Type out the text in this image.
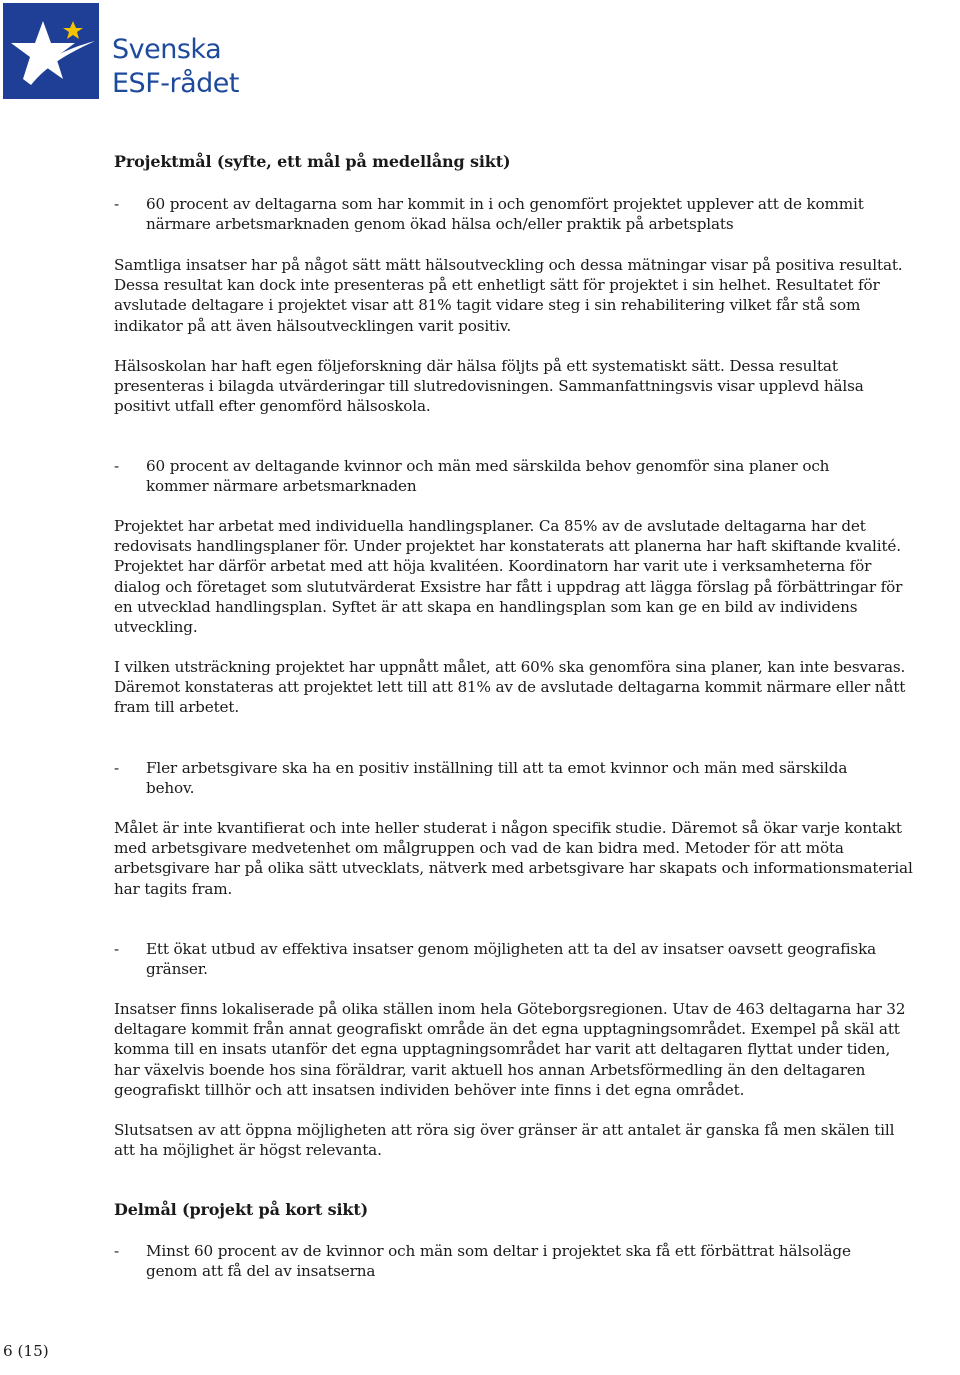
Svenska
ESF-rådet
Projektmål (syfte, ett mål på medellång sikt)
- 60 procent av deltagarna som har kommit in i och genomfört projektet upplever att de kommit närmare arbetsmarknaden genom ökad hälsa och/eller praktik på arbetsplats

Samtliga insatser har på något sätt mätt hälsoutveckling och dessa mätningar visar på positiva resultat. Dessa resultat kan dock inte presenteras på ett enhetligt sätt för projektet i sin helhet. Resultatet för avslutade deltagare i projektet visar att 81% tagit vidare steg i sin rehabilitering vilket får stå som indikator på att även hälsoutvecklingen varit positiv.

Hälsoskolan har haft egen följeforskning där hälsa följts på ett systematiskt sätt. Dessa resultat presenteras i bilagda utvärderingar till slutredovisningen. Sammanfattningsvis visar upplevd hälsa positivt utfall efter genomförd hälsoskola.

- 60 procent av deltagande kvinnor och män med särskilda behov genomför sina planer och kommer närmare arbetsmarknaden

Projektet har arbetat med individuella handlingsplaner. Ca 85% av de avslutade deltagarna har det redovisats handlingsplaner för. Under projektet har konstaterats att planerna har haft skiftande kvalité. Projektet har därför arbetat med att höja kvalitéen. Koordinatorn har varit ute i verksamheterna för dialog och företaget som slututvärderat Exsistre har fått i uppdrag att lägga förslag på förbättringar för en utvecklad handlingsplan. Syftet är att skapa en handlingsplan som kan ge en bild av individens utveckling.

I vilken utsträckning projektet har uppnått målet, att 60% ska genomföra sina planer, kan inte besvaras. Däremot konstateras att projektet lett till att 81% av de avslutade deltagarna kommit närmare eller nått fram till arbetet.

- Fler arbetsgivare ska ha en positiv inställning till att ta emot kvinnor och män med särskilda behov.

Målet är inte kvantifierat och inte heller studerat i någon specifik studie. Däremot så ökar varje kontakt med arbetsgivare medvetenhet om målgruppen och vad de kan bidra med. Metoder för att möta arbetsgivare har på olika sätt utvecklats, nätverk med arbetsgivare har skapats och informationsmaterial har tagits fram.

- Ett ökat utbud av effektiva insatser genom möjligheten att ta del av insatser oavsett geografiska gränser.

Insatser finns lokaliserade på olika ställen inom hela Göteborgsregionen. Utav de 463 deltagarna har 32 deltagare kommit från annat geografiskt område än det egna upptagningsområdet. Exempel på skäl att komma till en insats utanför det egna upptagningsområdet har varit att deltagaren flyttat under tiden, har växelvis boende hos sina föräldrar, varit aktuell hos annan Arbetsförmedling än den deltagaren geografiskt tillhör och att insatsen individen behöver inte finns i det egna området.

Slutsatsen av att öppna möjligheten att röra sig över gränser är att antalet är ganska få men skälen till att ha möjlighet är högst relevanta.

Delmål (projekt på kort sikt)
- Minst 60 procent av de kvinnor och män som deltar i projektet ska få ett förbättrat hälsoläge genom att få del av insatserna
6 (15)
